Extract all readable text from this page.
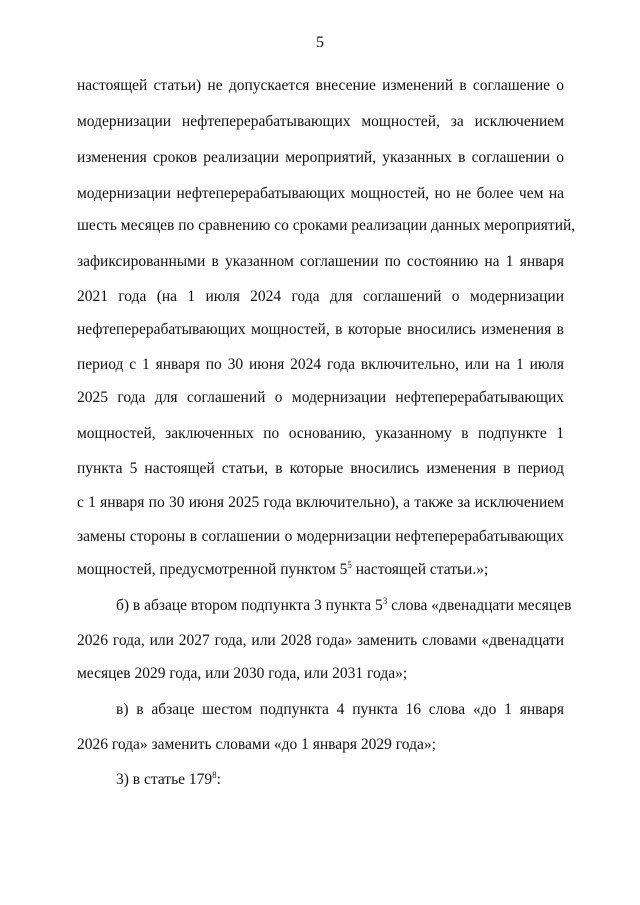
5
настоящей статьи) не допускается внесение изменений в соглашение о
модернизации нефтеперерабатывающих мощностей, за исключением
изменения сроков реализации мероприятий, указанных в соглашении о
модернизации нефтеперерабатывающих мощностей, но не более чем на
шесть месяцев по сравнению со сроками реализации данных мероприятий,
зафиксированными в указанном соглашении по состоянию на 1 января
2021 года (на 1 июля 2024 года для соглашений о модернизации
нефтеперерабатывающих мощностей, в которые вносились изменения в
период с 1 января по 30 июня 2024 года включительно, или на 1 июля
2025 года для соглашений о модернизации нефтеперерабатывающих
мощностей, заключенных по основанию, указанному в подпункте 1
пункта 5 настоящей статьи, в которые вносились изменения в период
с 1 января по 30 июня 2025 года включительно), а также за исключением
замены стороны в соглашении о модернизации нефтеперерабатывающих
мощностей, предусмотренной пунктом $5^5$ настоящей статьи.»;
б) в абзаце втором подпункта 3 пункта $5^3$ слова «двенадцати месяцев
2026 года, или 2027 года, или 2028 года» заменить словами «двенадцати
месяцев 2029 года, или 2030 года, или 2031 года»;
в) в абзаце шестом подпункта 4 пункта 16 слова «до 1 января
2026 года» заменить словами «до 1 января 2029 года»;
3) в статье $179^8$:
